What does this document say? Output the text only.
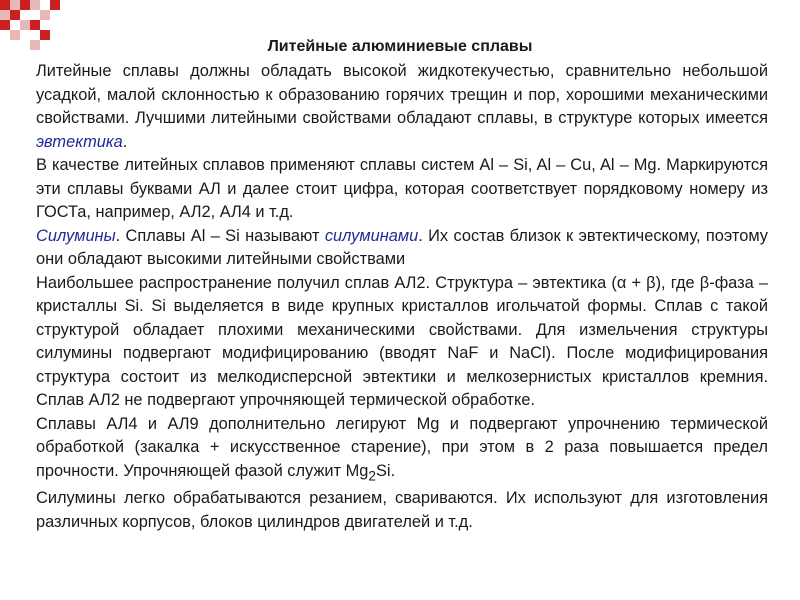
Литейные алюминиевые сплавы

Литейные сплавы должны обладать высокой жидкотекучестью, сравнительно небольшой усадкой, малой склонностью к образованию горячих трещин и пор, хорошими механическими свойствами. Лучшими литейными свойствами обладают сплавы, в структуре которых имеется эвтектика.

В качестве литейных сплавов применяют сплавы систем Al – Si, Al – Cu, Al – Mg. Маркируются эти сплавы буквами АЛ и далее стоит цифра, которая соответствует порядковому номеру из ГОСТа, например, АЛ2, АЛ4 и т.д.

Силумины. Сплавы Al – Si называют силуминами. Их состав близок к эвтектическому, поэтому они обладают высокими литейными свойствами

Наибольшее распространение получил сплав АЛ2. Структура – эвтектика (α + β), где β-фаза – кристаллы Si. Si выделяется в виде крупных кристаллов игольчатой формы. Сплав с такой структурой обладает плохими механическими свойствами. Для измельчения структуры силумины подвергают модифицированию (вводят NaF и NaCl). После модифицирования структура состоит из мелкодисперсной эвтектики и мелкозернистых кристаллов кремния. Сплав АЛ2 не подвергают упрочняющей термической обработке.

Сплавы АЛ4 и АЛ9 дополнительно легируют Mg и подвергают упрочнению термической обработкой (закалка + искусственное старение), при этом в 2 раза повышается предел прочности. Упрочняющей фазой служит $Mg_2Si$.

Силумины легко обрабатываются резанием, свариваются. Их используют для изготовления различных корпусов, блоков цилиндров двигателей и т.д.
